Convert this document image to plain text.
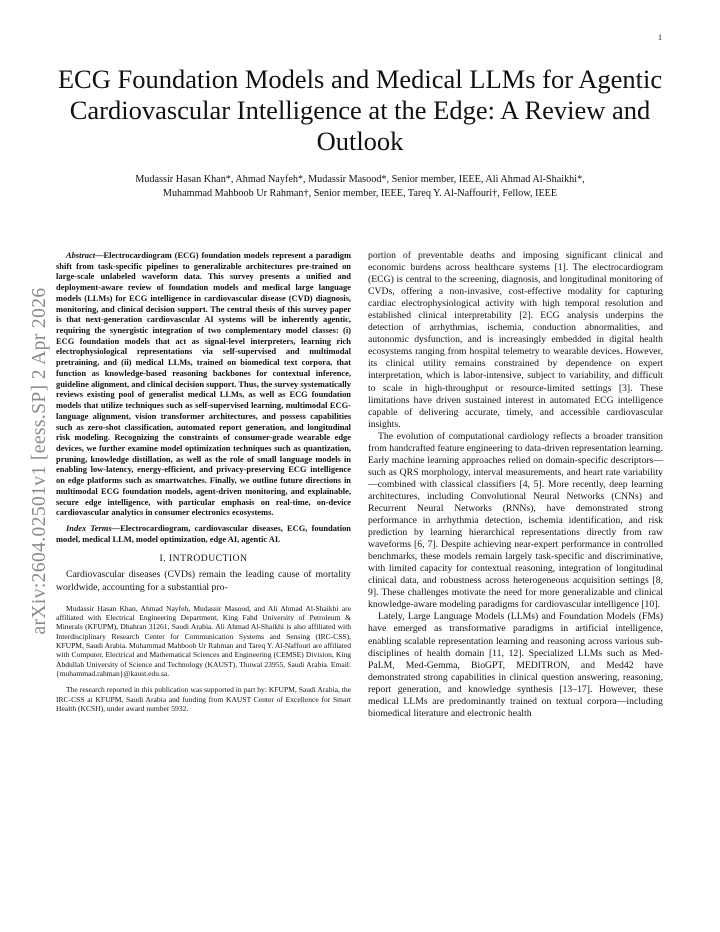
1
arXiv:2604.02501v1 [eess.SP] 2 Apr 2026
ECG Foundation Models and Medical LLMs for Agentic Cardiovascular Intelligence at the Edge: A Review and Outlook
Mudassir Hasan Khan*, Ahmad Nayfeh*, Mudassir Masood*, Senior member, IEEE, Ali Ahmad Al-Shaikhi*,
Muhammad Mahboob Ur Rahman†, Senior member, IEEE, Tareq Y. Al-Naffouri†, Fellow, IEEE

Abstract—Electrocardiogram (ECG) foundation models represent a paradigm shift from task-specific pipelines to generalizable architectures pre-trained on large-scale unlabeled waveform data. This survey presents a unified and deployment-aware review of foundation models and medical large language models (LLMs) for ECG intelligence in cardiovascular disease (CVD) diagnosis, monitoring, and clinical decision support. The central thesis of this survey paper is that next-generation cardiovascular AI systems will be inherently agentic, requiring the synergistic integration of two complementary model classes: (i) ECG foundation models that act as signal-level interpreters, learning rich electrophysiological representations via self-supervised and multimodal pretraining, and (ii) medical LLMs, trained on biomedical text corpora, that function as knowledge-based reasoning backbones for contextual inference, guideline alignment, and clinical decision support. Thus, the survey systematically reviews existing pool of generalist medical LLMs, as well as ECG foundation models that utilize techniques such as self-supervised learning, multimodal ECG-language alignment, vision transformer architectures, and possess capabilities such as zero-shot classification, automated report generation, and longitudinal risk modeling. Recognizing the constraints of consumer-grade wearable edge devices, we further examine model optimization techniques such as quantization, pruning, knowledge distillation, as well as the role of small language models in enabling low-latency, energy-efficient, and privacy-preserving ECG intelligence on edge platforms such as smartwatches. Finally, we outline future directions in multimodal ECG foundation models, agent-driven monitoring, and explainable, secure edge intelligence, with particular emphasis on real-time, on-device cardiovascular analytics in consumer electronics ecosystems.

Index Terms—Electrocardiogram, cardiovascular diseases, ECG, foundation model, medical LLM, model optimization, edge AI, agentic AI.

I. INTRODUCTION

Cardiovascular diseases (CVDs) remain the leading cause of mortality worldwide, accounting for a substantial pro-

Mudassir Hasan Khan, Ahmad Nayfeh, Mudassir Masood, and Ali Ahmad Al-Shaikhi are affiliated with Electrical Engineering Department, King Fahd University of Petroleum & Minerals (KFUPM), Dhahran 31261, Saudi Arabia. Ali Ahmad Al-Shaikhi is also affiliated with Interdisciplinary Research Center for Communication Systems and Sensing (IRC-CSS), KFUPM, Saudi Arabia. Muhammad Mahboob Ur Rahman and Tareq Y. Al-Naffouri are affiliated with Computer, Electrical and Mathematical Sciences and Engineering (CEMSE) Division, King Abdullah University of Science and Technology (KAUST), Thuwal 23955, Saudi Arabia. Email: {muhammad.rahman}@kaust.edu.sa.

The research reported in this publication was supported in part by: KFUPM, Saudi Arabia, the IRC-CSS at KFUPM, Saudi Arabia and funding from KAUST Center of Excellence for Smart Health (KCSH), under award number 5932.

portion of preventable deaths and imposing significant clinical and economic burdens across healthcare systems [1]. The electrocardiogram (ECG) is central to the screening, diagnosis, and longitudinal monitoring of CVDs, offering a non-invasive, cost-effective modality for capturing cardiac electrophysiological activity with high temporal resolution and established clinical interpretability [2]. ECG analysis underpins the detection of arrhythmias, ischemia, conduction abnormalities, and autonomic dysfunction, and is increasingly embedded in digital health ecosystems ranging from hospital telemetry to wearable devices. However, its clinical utility remains constrained by dependence on expert interpretation, which is labor-intensive, subject to variability, and difficult to scale in high-throughput or resource-limited settings [3]. These limitations have driven sustained interest in automated ECG intelligence capable of delivering accurate, timely, and accessible cardiovascular insights.

The evolution of computational cardiology reflects a broader transition from handcrafted feature engineering to data-driven representation learning. Early machine learning approaches relied on domain-specific descriptors—such as QRS morphology, interval measurements, and heart rate variability—combined with classical classifiers [4, 5]. More recently, deep learning architectures, including Convolutional Neural Networks (CNNs) and Recurrent Neural Networks (RNNs), have demonstrated strong performance in arrhythmia detection, ischemia identification, and risk prediction by learning hierarchical representations directly from raw waveforms [6, 7]. Despite achieving near-expert performance in controlled benchmarks, these models remain largely task-specific and discriminative, with limited capacity for contextual reasoning, integration of longitudinal clinical data, and robustness across heterogeneous acquisition settings [8, 9]. These challenges motivate the need for more generalizable and clinical knowledge-aware modeling paradigms for cardiovascular intelligence [10].

Lately, Large Language Models (LLMs) and Foundation Models (FMs) have emerged as transformative paradigms in artificial intelligence, enabling scalable representation learning and reasoning across various sub-disciplines of health domain [11, 12]. Specialized LLMs such as Med-PaLM, Med-Gemma, BioGPT, MEDITRON, and Med42 have demonstrated strong capabilities in clinical question answering, reasoning, report generation, and knowledge synthesis [13–17]. However, these medical LLMs are predominantly trained on textual corpora—including biomedical literature and electronic health
